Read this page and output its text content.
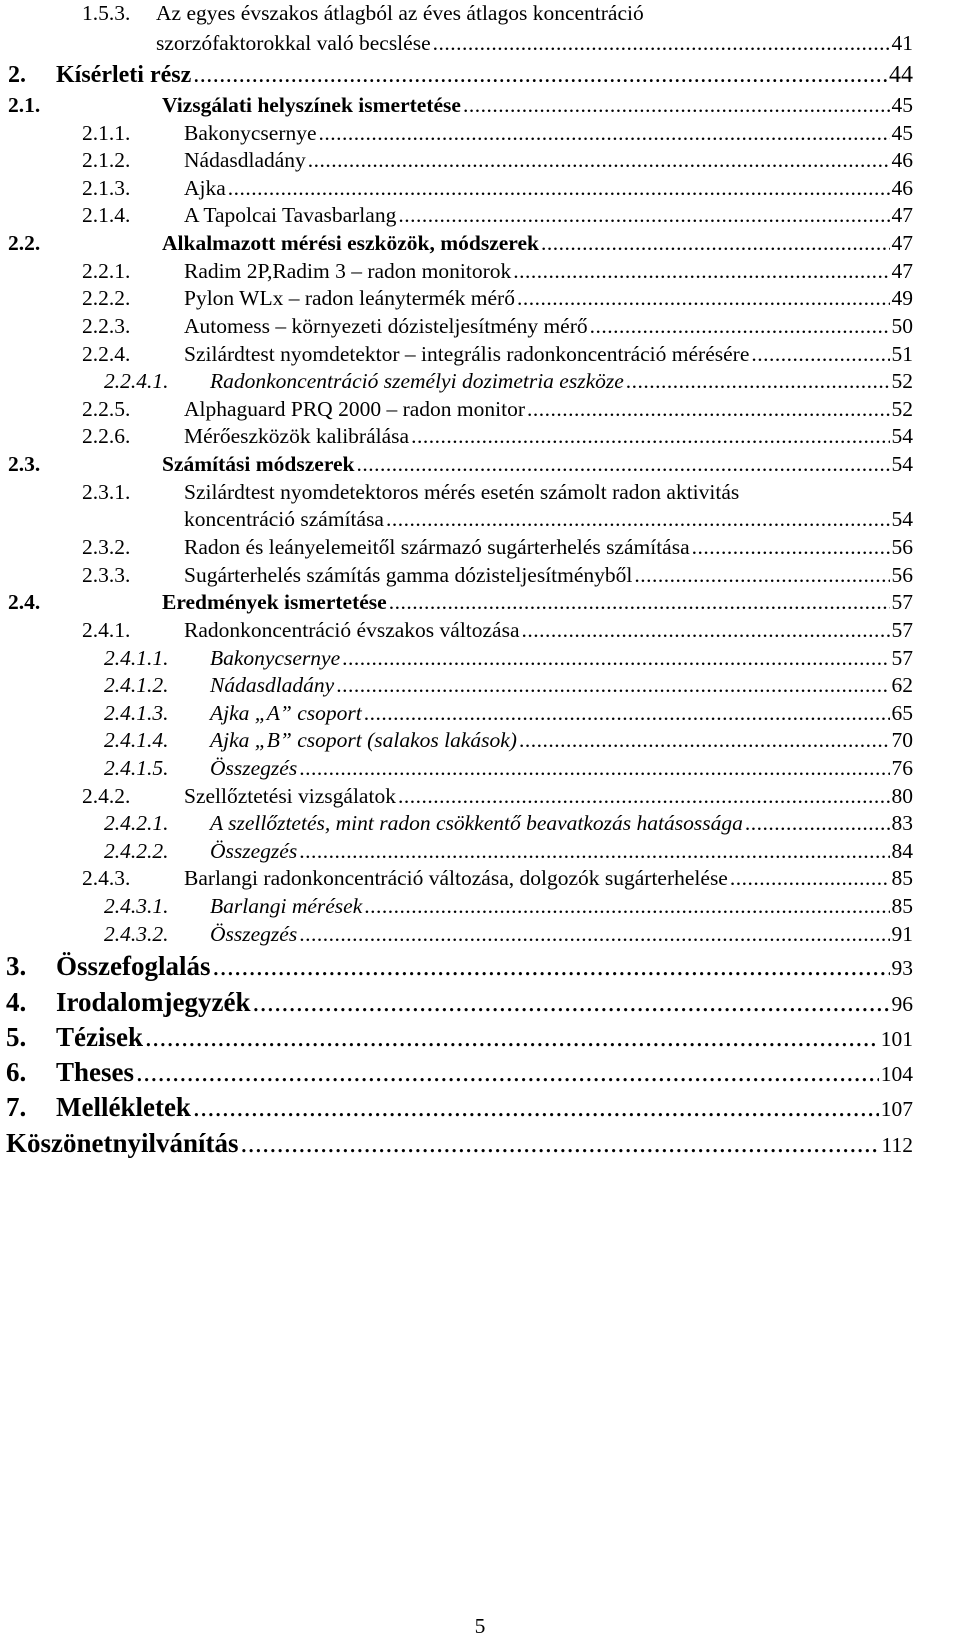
1.5.3.	Az egyes évszakos átlagból az éves átlagos koncentráció
szorzófaktorokkal való becslése .....	41
2.	Kísérleti rész .....	44
2.1.	Vizsgálati helyszínek ismertetése .....	45
2.1.1.	Bakonycsernye .....	45
2.1.2.	Nádasdladány .....	46
2.1.3.	Ajka .....	46
2.1.4.	A Tapolcai Tavasbarlang .....	47
2.2.	Alkalmazott mérési eszközök, módszerek .....	47
2.2.1.	Radim 2P,Radim 3 – radon monitorok .....	47
2.2.2.	Pylon WLx – radon leánytermék mérő .....	49
2.2.3.	Automess – környezeti dózisteljesítmény mérő .....	50
2.2.4.	Szilárdtest nyomdetektor – integrális radonkoncentráció mérésére .....	51
2.2.4.1.	Radonkoncentráció személyi dozimetria eszköze .....	52
2.2.5.	Alphaguard PRQ 2000 – radon monitor .....	52
2.2.6.	Mérőeszközök kalibrálása .....	54
2.3.	Számítási módszerek .....	54
2.3.1.	Szilárdtest nyomdetektoros mérés esetén számolt radon aktivitás
koncentráció számítása .....	54
2.3.2.	Radon és leányelemeitől származó sugárterhelés számítása .....	56
2.3.3.	Sugárterhelés számítás gamma dózisteljesítményből .....	56
2.4.	Eredmények ismertetése .....	57
2.4.1.	Radonkoncentráció évszakos változása .....	57
2.4.1.1.	Bakonycsernye .....	57
2.4.1.2.	Nádasdladány .....	62
2.4.1.3.	Ajka „A” csoport .....	65
2.4.1.4.	Ajka „B” csoport (salakos lakások) .....	70
2.4.1.5.	Összegzés .....	76
2.4.2.	Szellőztetési vizsgálatok .....	80
2.4.2.1.	A szellőztetés, mint radon csökkentő beavatkozás hatásossága .....	83
2.4.2.2.	Összegzés .....	84
2.4.3.	Barlangi radonkoncentráció változása, dolgozók sugárterhelése .....	85
2.4.3.1.	Barlangi mérések .....	85
2.4.3.2.	Összegzés .....	91
3.	Összefoglalás .....	93
4.	Irodalomjegyzék .....	96
5.	Tézisek .....	101
6.	Theses .....	104
7.	Mellékletek .....	107
Köszönetnyilvánítás .....	112
5
